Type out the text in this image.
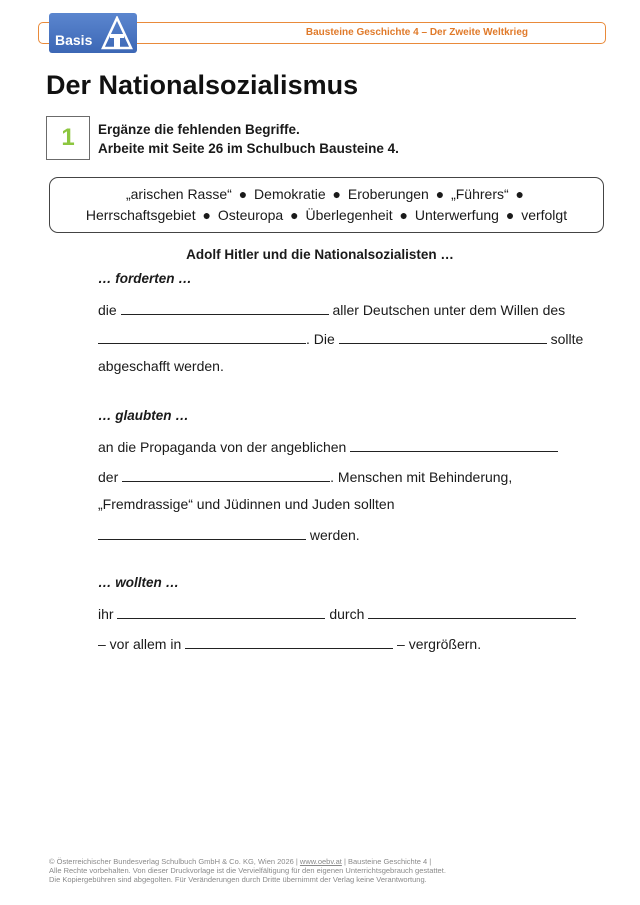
Basis	Bausteine Geschichte 4 – Der Zweite Weltkrieg
Der Nationalsozialismus
1 Ergänze die fehlenden Begriffe.
Arbeite mit Seite 26 im Schulbuch Bausteine 4.
„arischen Rasse“ ● Demokratie ● Eroberungen ● „Führers“ ●
Herrschaftsgebiet ● Osteuropa ● Überlegenheit ● Unterwerfung ● verfolgt
Adolf Hitler und die Nationalsozialisten …
… forderten …
die	aller Deutschen unter dem Willen des
. Die	sollte
abgeschafft werden.
… glaubten …
an die Propaganda von der angeblichen
der	. Menschen mit Behinderung,
„Fremdrassige“ und Jüdinnen und Juden sollten
werden.
… wollten …
ihr	durch
– vor allem in	– vergrößern.
© Österreichischer Bundesverlag Schulbuch GmbH & Co. KG, Wien 2026 | www.oebv.at | Bausteine Geschichte 4 |
Alle Rechte vorbehalten. Von dieser Druckvorlage ist die Vervielfältigung für den eigenen Unterrichtsgebrauch gestattet.
Die Kopiergebühren sind abgegolten. Für Veränderungen durch Dritte übernimmt der Verlag keine Verantwortung.
